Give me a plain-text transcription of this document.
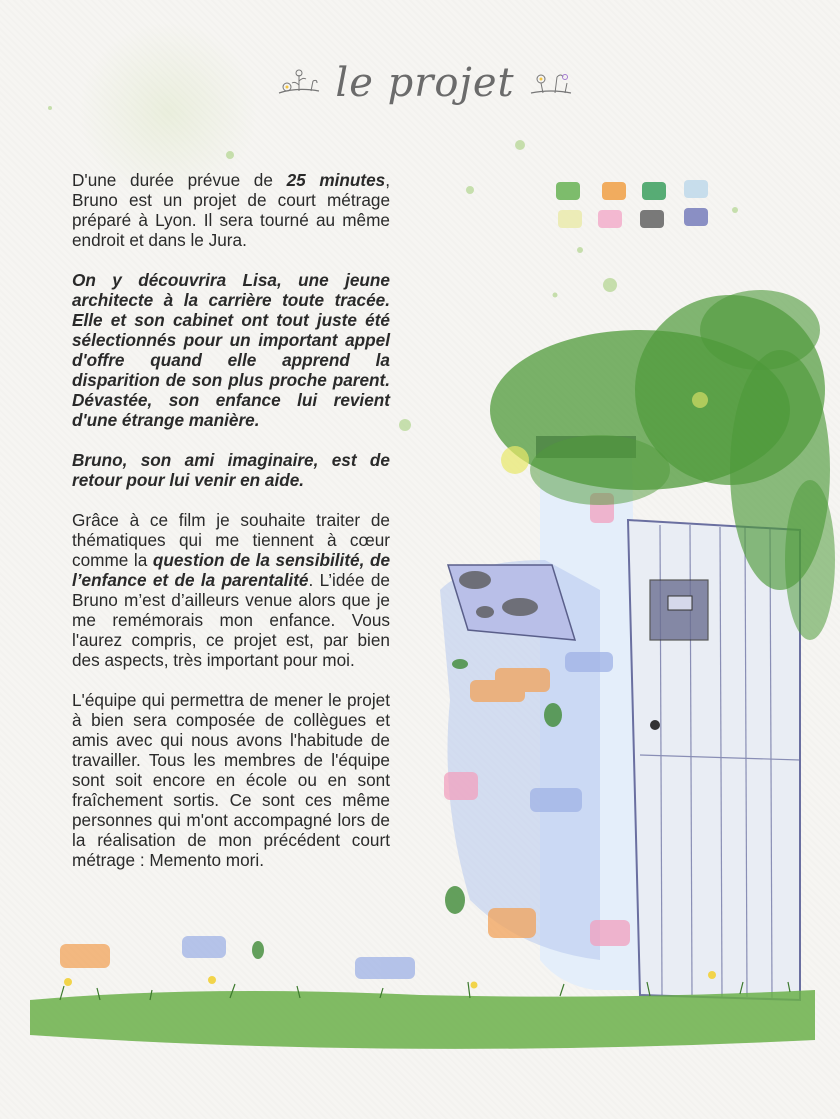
le projet

D'une durée prévue de 25 minutes, Bruno est un projet de court métrage préparé à Lyon. Il sera tourné au même endroit et dans le Jura.

On y découvrira Lisa, une jeune architecte à la carrière toute tracée. Elle et son cabinet ont tout juste été sélectionnés pour un important appel d'offre quand elle apprend la disparition de son plus proche parent. Dévastée, son enfance lui revient d'une étrange manière.

Bruno, son ami imaginaire, est de retour pour lui venir en aide.

Grâce à ce film je souhaite traiter de thématiques qui me tiennent à cœur comme la question de la sensibilité, de l’enfance et de la parentalité. L’idée de Bruno m’est d’ailleurs venue alors que je me remémorais mon enfance. Vous l'aurez compris, ce projet est, par bien des aspects, très important pour moi.

L'équipe qui permettra de mener le projet à bien sera composée de collègues et amis avec qui nous avons l'habitude de travailler. Tous les membres de l'équipe sont soit encore en école ou en sont fraîchement sortis. Ce sont ces même personnes qui m'ont accompagné lors de la réalisation de mon précédent court métrage : Memento mori.
